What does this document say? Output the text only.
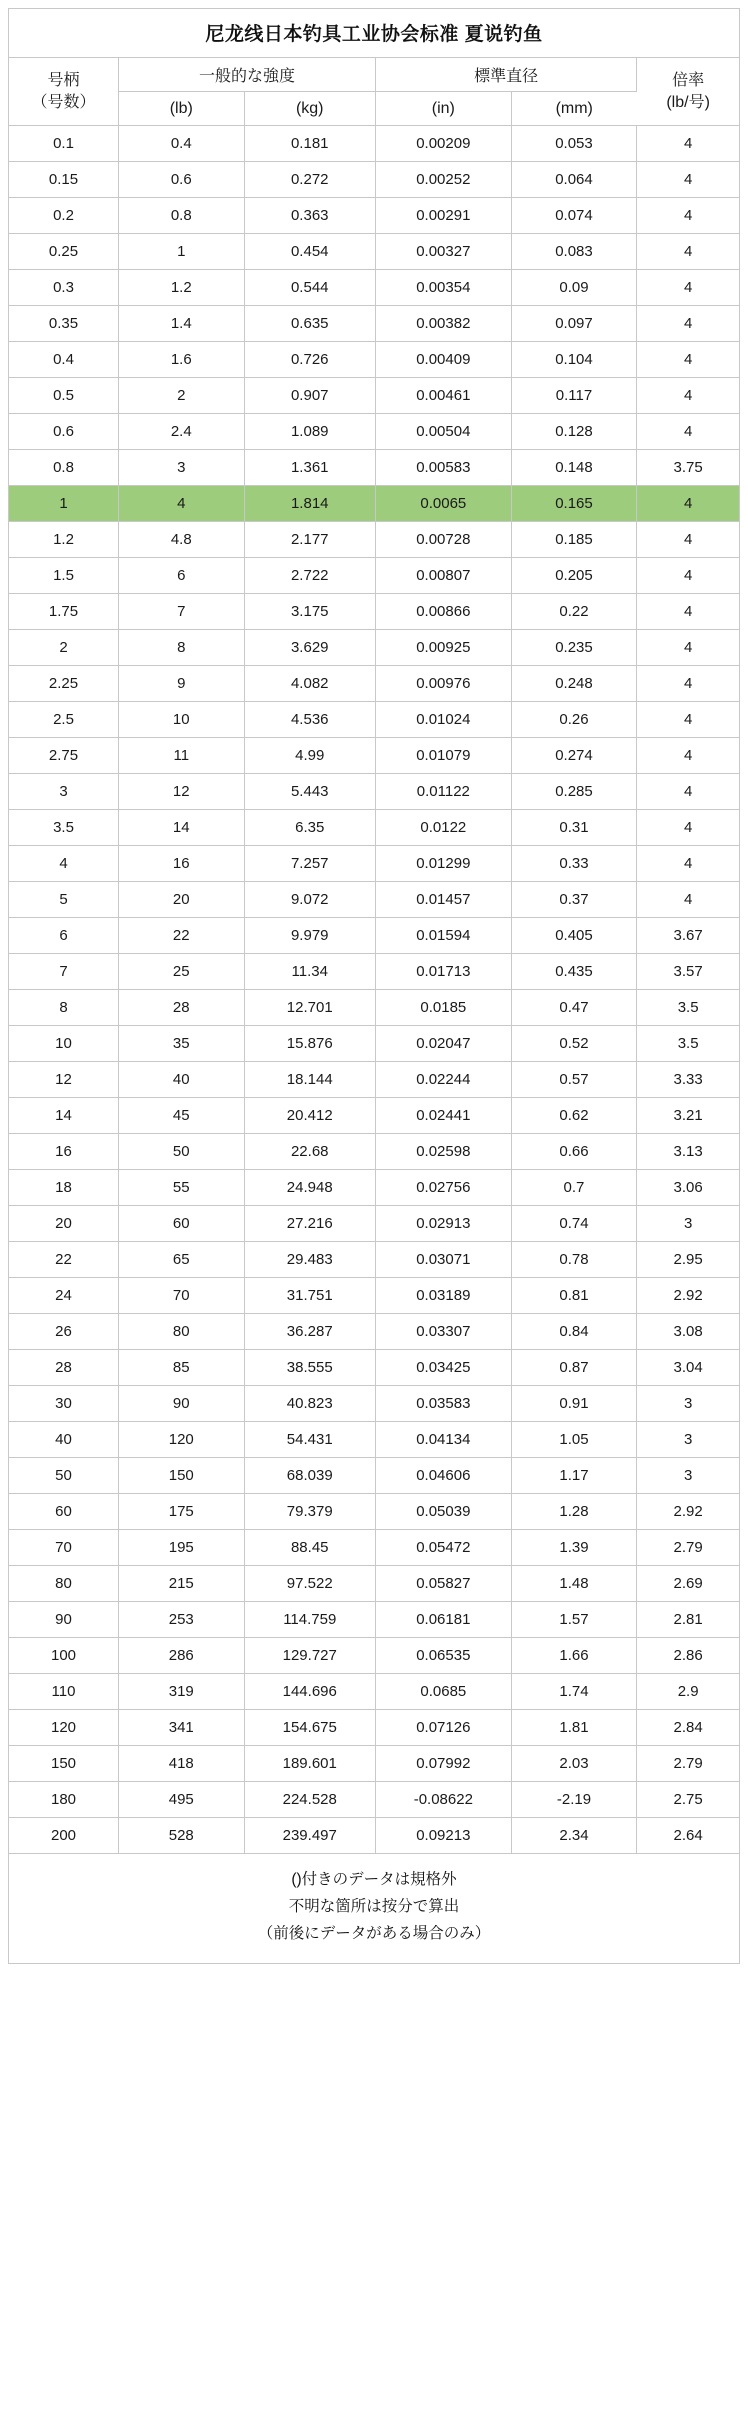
尼龙线日本钓具工业协会标准 夏说钓鱼
号柄
（号数）	一般的な強度		標準直径		倍率
(lb/号)

	(lb)	(kg)	(in)	(mm)	
0.1	0.4	0.181	0.00209	0.053	4
0.15	0.6	0.272	0.00252	0.064	4
0.2	0.8	0.363	0.00291	0.074	4
0.25	1	0.454	0.00327	0.083	4
0.3	1.2	0.544	0.00354	0.09	4
0.35	1.4	0.635	0.00382	0.097	4
0.4	1.6	0.726	0.00409	0.104	4
0.5	2	0.907	0.00461	0.117	4
0.6	2.4	1.089	0.00504	0.128	4
0.8	3	1.361	0.00583	0.148	3.75
1	4	1.814	0.0065	0.165	4
1.2	4.8	2.177	0.00728	0.185	4
1.5	6	2.722	0.00807	0.205	4
1.75	7	3.175	0.00866	0.22	4
2	8	3.629	0.00925	0.235	4
2.25	9	4.082	0.00976	0.248	4
2.5	10	4.536	0.01024	0.26	4
2.75	11	4.99	0.01079	0.274	4
3	12	5.443	0.01122	0.285	4
3.5	14	6.35	0.0122	0.31	4
4	16	7.257	0.01299	0.33	4
5	20	9.072	0.01457	0.37	4
6	22	9.979	0.01594	0.405	3.67
7	25	11.34	0.01713	0.435	3.57
8	28	12.701	0.0185	0.47	3.5
10	35	15.876	0.02047	0.52	3.5
12	40	18.144	0.02244	0.57	3.33
14	45	20.412	0.02441	0.62	3.21
16	50	22.68	0.02598	0.66	3.13
18	55	24.948	0.02756	0.7	3.06
20	60	27.216	0.02913	0.74	3
22	65	29.483	0.03071	0.78	2.95
24	70	31.751	0.03189	0.81	2.92
26	80	36.287	0.03307	0.84	3.08
28	85	38.555	0.03425	0.87	3.04
30	90	40.823	0.03583	0.91	3
40	120	54.431	0.04134	1.05	3
50	150	68.039	0.04606	1.17	3
60	175	79.379	0.05039	1.28	2.92
70	195	88.45	0.05472	1.39	2.79
80	215	97.522	0.05827	1.48	2.69
90	253	114.759	0.06181	1.57	2.81
100	286	129.727	0.06535	1.66	2.86
110	319	144.696	0.0685	1.74	2.9
120	341	154.675	0.07126	1.81	2.84
150	418	189.601	0.07992	2.03	2.79
180	495	224.528	-0.08622	-2.19	2.75
200	528	239.497	0.09213	2.34	2.64
()付きのデータは規格外
不明な箇所は按分で算出
（前後にデータがある場合のみ）
